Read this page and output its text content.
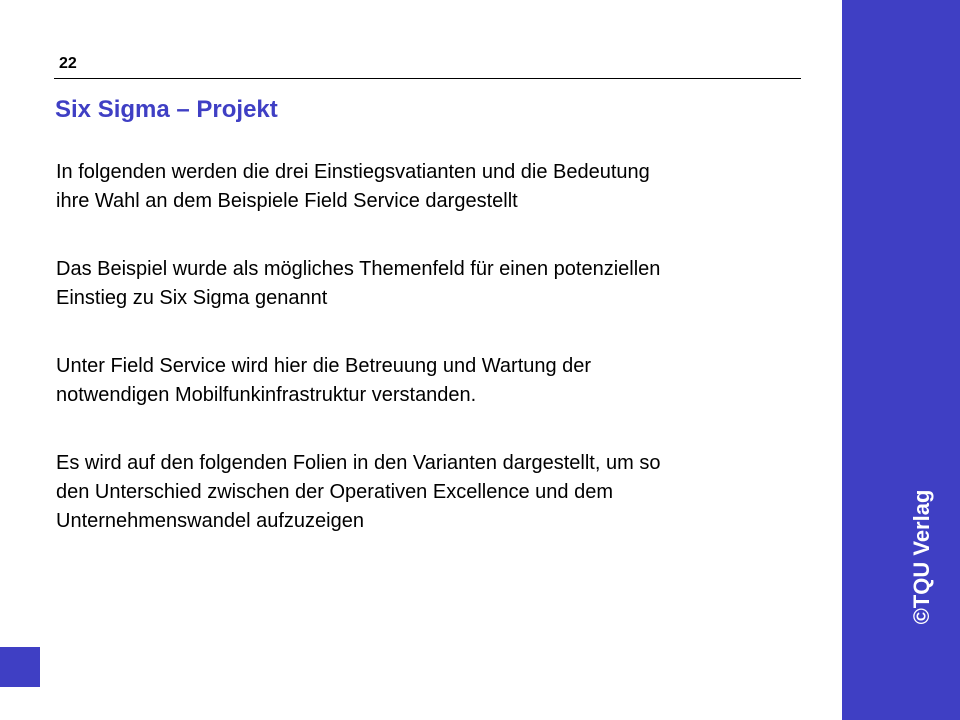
22
Six Sigma – Projekt

In folgenden werden die drei Einstiegsvatianten und die Bedeutung
ihre Wahl an dem Beispiele Field Service dargestellt

Das Beispiel wurde als mögliches Themenfeld für einen potenziellen
Einstieg zu Six Sigma genannt

Unter Field Service wird hier die Betreuung und Wartung der
notwendigen Mobilfunkinfrastruktur verstanden.

Es wird auf den folgenden Folien in den Varianten dargestellt, um so
den Unterschied zwischen der Operativen Excellence und dem
Unternehmenswandel aufzuzeigen	©TQU Verlag
